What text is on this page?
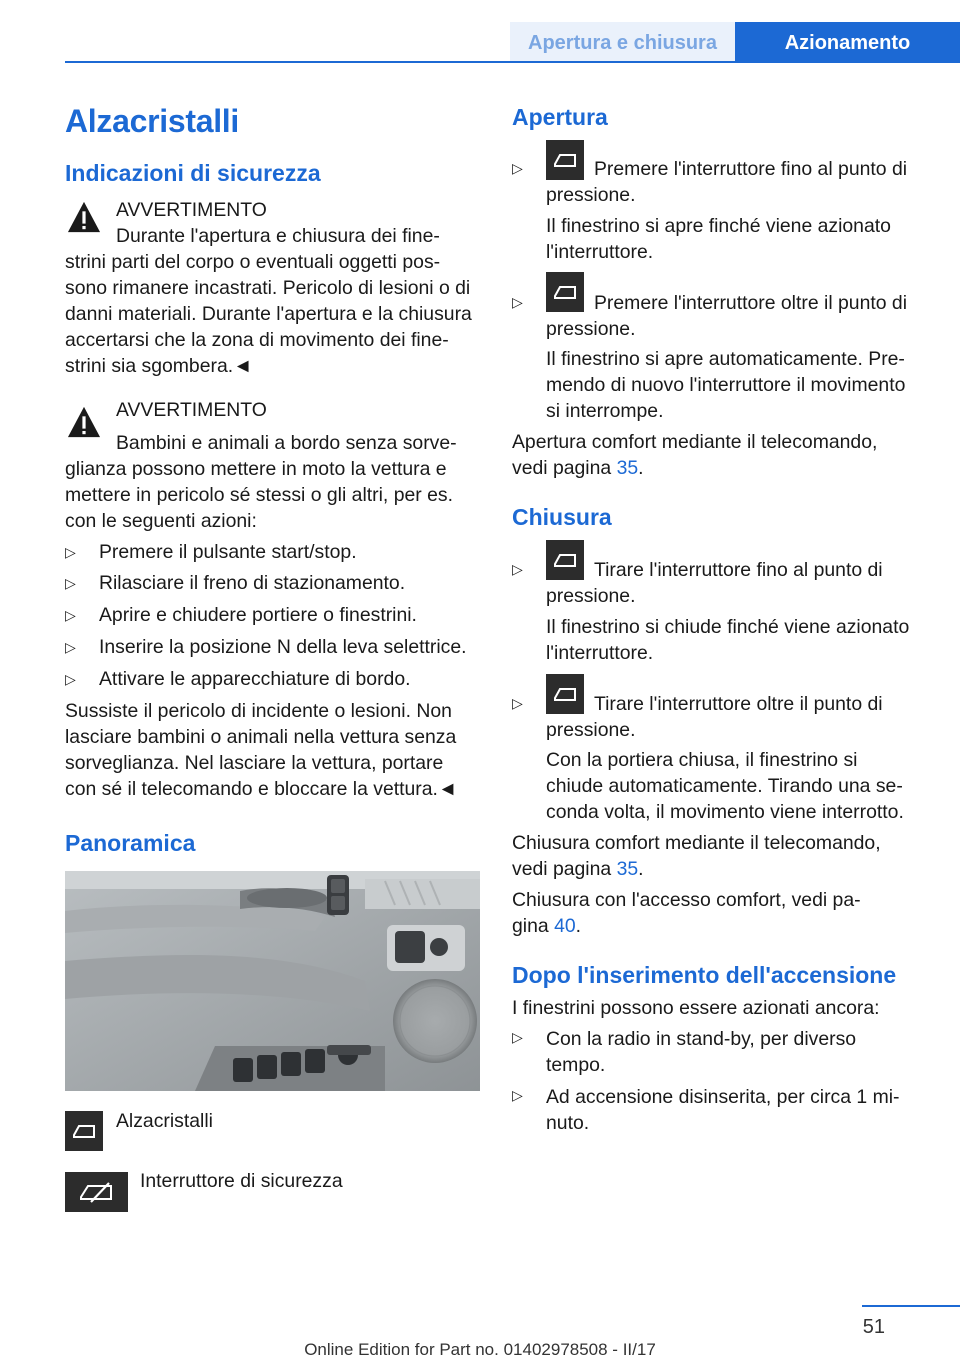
Apertura e chiusura	Azionamento
Alzacristalli
Indicazioni di sicurezza
AVVERTIMENTO
Durante l'apertura e chiusura dei fine-
strini parti del corpo o eventuali oggetti pos-
sono rimanere incastrati. Pericolo di lesioni o di
danni materiali. Durante l'apertura e la chiusura
accertarsi che la zona di movimento dei fine-
strini sia sgombera.◄
AVVERTIMENTO
Bambini e animali a bordo senza sorve-
glianza possono mettere in moto la vettura e
mettere in pericolo sé stessi o gli altri, per es.
con le seguenti azioni:
▷ Premere il pulsante start/stop.
▷ Rilasciare il freno di stazionamento.
▷ Aprire e chiudere portiere o finestrini.
▷ Inserire la posizione N della leva selettrice.
▷ Attivare le apparecchiature di bordo.
Sussiste il pericolo di incidente o lesioni. Non
lasciare bambini o animali nella vettura senza
sorveglianza. Nel lasciare la vettura, portare
con sé il telecomando e bloccare la vettura.◄
Panoramica
Alzacristalli
Interruttore di sicurezza
Apertura
▷	Premere l'interruttore fino al punto di
pressione.
Il finestrino si apre finché viene azionato
l'interruttore.
▷	Premere l'interruttore oltre il punto di
pressione.
Il finestrino si apre automaticamente. Pre-
mendo di nuovo l'interruttore il movimento
si interrompe.
Apertura comfort mediante il telecomando,
vedi pagina 35.
Chiusura
▷	Tirare l'interruttore fino al punto di
pressione.
Il finestrino si chiude finché viene azionato
l'interruttore.
▷	Tirare l'interruttore oltre il punto di
pressione.
Con la portiera chiusa, il finestrino si
chiude automaticamente. Tirando una se-
conda volta, il movimento viene interrotto.
Chiusura comfort mediante il telecomando,
vedi pagina 35.
Chiusura con l'accesso comfort, vedi pa-
gina 40.
Dopo l'inserimento dell'accensione
I finestrini possono essere azionati ancora:
▷ Con la radio in stand-by, per diverso
tempo.
▷ Ad accensione disinserita, per circa 1 mi-
nuto.
51
Online Edition for Part no. 01402978508 - II/17
